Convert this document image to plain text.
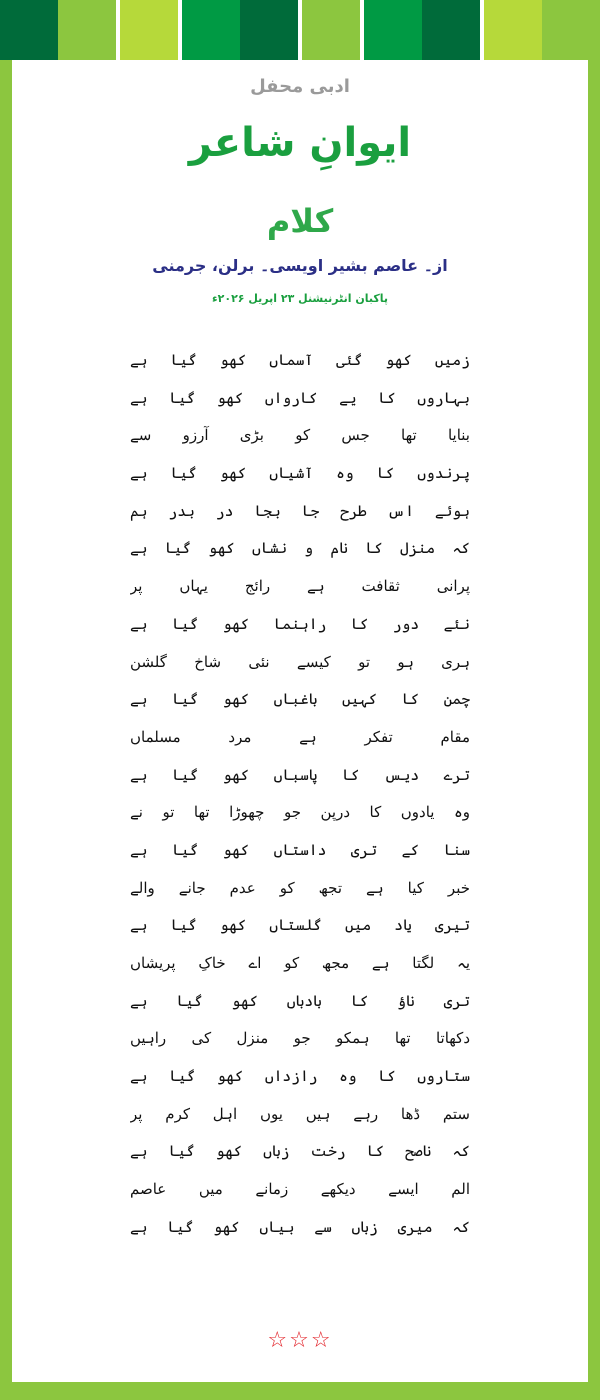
ادبی محفل
ایوانِ شاعر
کلام
از۔ عاصم بشیر اویسی۔ برلن، جرمنی
پاکبان انٹرنیشنل ۲۳ اپریل ۲۰۲۶ء
زمیں کھو گئی آسماں کھو گیا ہے
بہاروں کا یے کارواں کھو گیا ہے
بنایا تھا جس کو بڑی آرزو سے
پرندوں کا وہ آشیاں کھو گیا ہے
ہوئے اس طرح جا بجا در بدر ہم
کہ منزل کا نام و نشاں کھو گیا ہے
پرانی ثقافت ہے رائج یہاں پر
نئے دور کا راہنما کھو گیا ہے
ہری ہو تو کیسے نئی شاخ گلشن
چمن کا کہیں باغباں کھو گیا ہے
مقام تفکر ہے مرد مسلماں
ترے دیس کا پاسباں کھو گیا ہے
وہ یادوں کا درپن جو چھوڑا تھا تو نے
سنا کے تری داستاں کھو گیا ہے
خبر کیا ہے تجھ کو عدم جانے والے
تیری یاد میں گلستاں کھو گیا ہے
یہ لگتا ہے مجھ کو اے خاکِ پریشاں
تری ناؤ کا بادباں کھو گیا ہے
دکھاتا تھا ہمکو جو منزل کی راہیں
ستاروں کا وہ رازداں کھو گیا ہے
ستم ڈھا رہے ہیں یوں اہل کرم پر
کہ ناصح کا رخت زباں کھو گیا ہے
الم ایسے دیکھے زمانے میں عاصم
کہ میری زباں سے بیاں کھو گیا ہے
☆☆☆
